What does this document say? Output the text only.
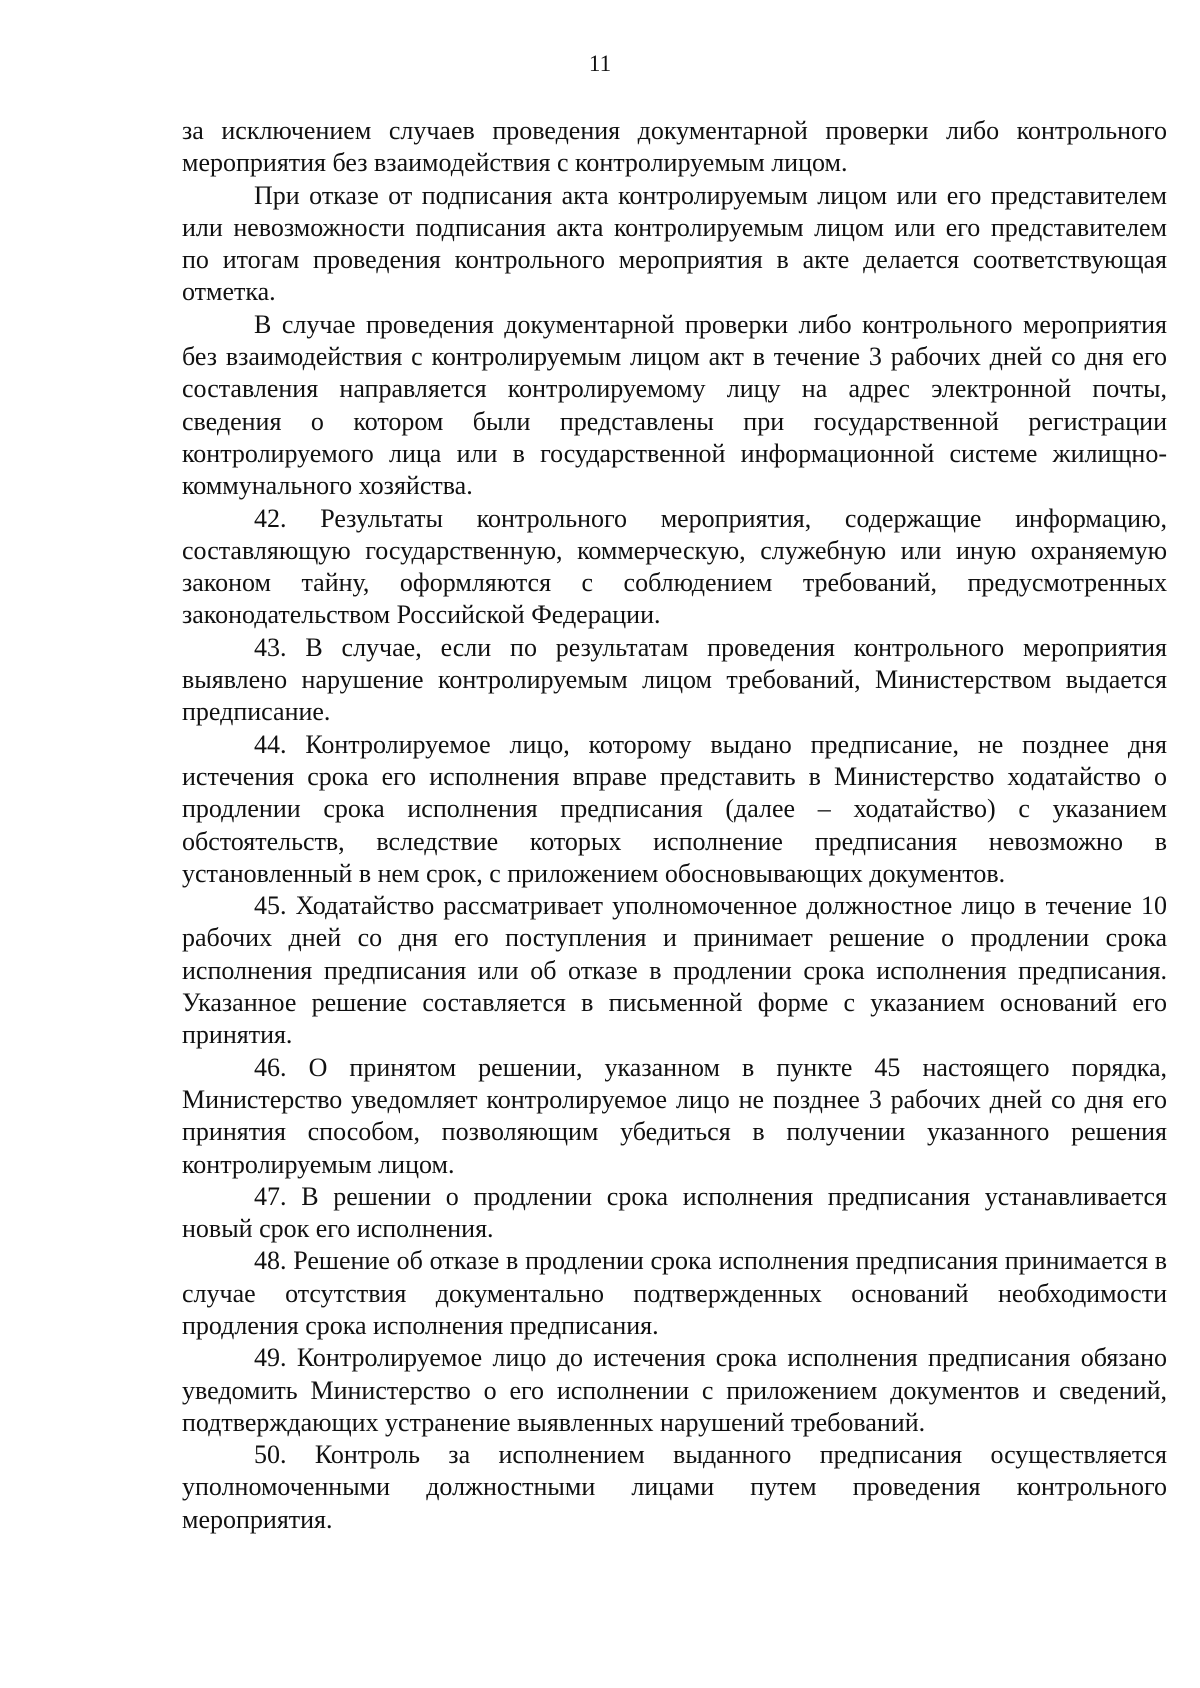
11

за исключением случаев проведения документарной проверки либо контрольного мероприятия без взаимодействия с контролируемым лицом.

При отказе от подписания акта контролируемым лицом или его представителем или невозможности подписания акта контролируемым лицом или его представителем по итогам проведения контрольного мероприятия в акте делается соответствующая отметка.

В случае проведения документарной проверки либо контрольного мероприятия без взаимодействия с контролируемым лицом акт в течение 3 рабочих дней со дня его составления направляется контролируемому лицу на адрес электронной почты, сведения о котором были представлены при государственной регистрации контролируемого лица или в государственной информационной системе жилищно-коммунального хозяйства.

42. Результаты контрольного мероприятия, содержащие информацию, составляющую государственную, коммерческую, служебную или иную охраняемую законом тайну, оформляются с соблюдением требований, предусмотренных законодательством Российской Федерации.

43. В случае, если по результатам проведения контрольного мероприятия выявлено нарушение контролируемым лицом требований, Министерством выдается предписание.

44. Контролируемое лицо, которому выдано предписание, не позднее дня истечения срока его исполнения вправе представить в Министерство ходатайство о продлении срока исполнения предписания (далее – ходатайство) с указанием обстоятельств, вследствие которых исполнение предписания невозможно в установленный в нем срок, с приложением обосновывающих документов.

45. Ходатайство рассматривает уполномоченное должностное лицо в течение 10 рабочих дней со дня его поступления и принимает решение о продлении срока исполнения предписания или об отказе в продлении срока исполнения предписания. Указанное решение составляется в письменной форме с указанием оснований его принятия.

46. О принятом решении, указанном в пункте 45 настоящего порядка, Министерство уведомляет контролируемое лицо не позднее 3 рабочих дней со дня его принятия способом, позволяющим убедиться в получении указанного решения контролируемым лицом.

47. В решении о продлении срока исполнения предписания устанавливается новый срок его исполнения.

48. Решение об отказе в продлении срока исполнения предписания принимается в случае отсутствия документально подтвержденных оснований необходимости продления срока исполнения предписания.

49. Контролируемое лицо до истечения срока исполнения предписания обязано уведомить Министерство о его исполнении с приложением документов и сведений, подтверждающих устранение выявленных нарушений требований.

50. Контроль за исполнением выданного предписания осуществляется уполномоченными должностными лицами путем проведения контрольного мероприятия.
